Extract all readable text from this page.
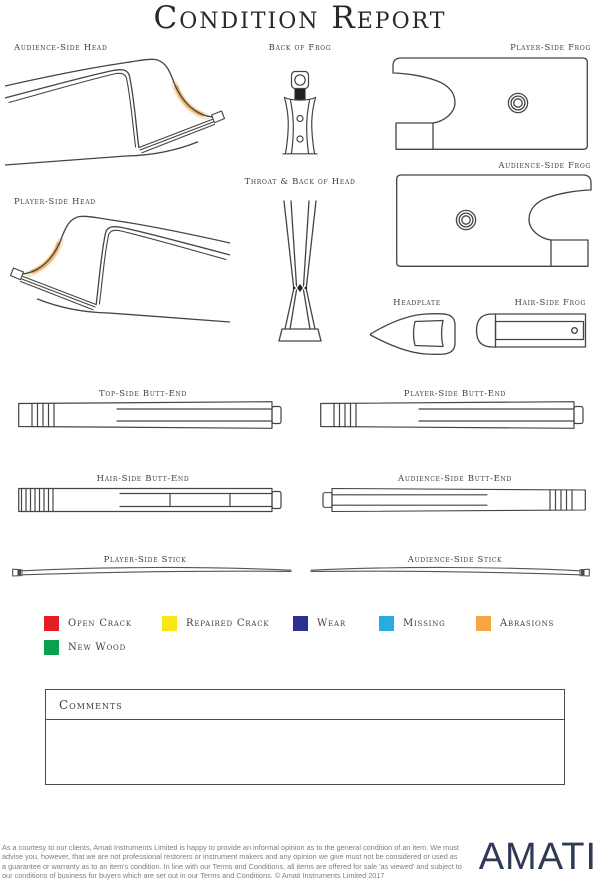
Condition Report
Audience-Side Head	Back of Frog	Player-Side Frog
Audience-Side Frog
Player-Side Head
Throat & Back of Head
Headplate	Hair-Side Frog
Top-Side Butt-End	Player-Side Butt-End
Hair-Side Butt-End	Audience-Side Butt-End
Player-Side Stick	Audience-Side Stick
Open Crack	Repaired Crack	Wear	Missing	Abrasions
New Wood
Comments
As a courtesy to our clients, Amati Instruments Limited is happy to provide an informal opinion as to the general condition of an item. We must
advise you, however, that we are not professional restorers or instrument makers and any opinion we give must not be considered or used as
a guarantee or warranty as to an item's condition. In line with our Terms and Conditions, all items are offered for sale 'as viewed' and subject to
our conditions of business for buyers which are set out in our Terms and Conditions. © Amati Instruments Limited 2017	AMATI
